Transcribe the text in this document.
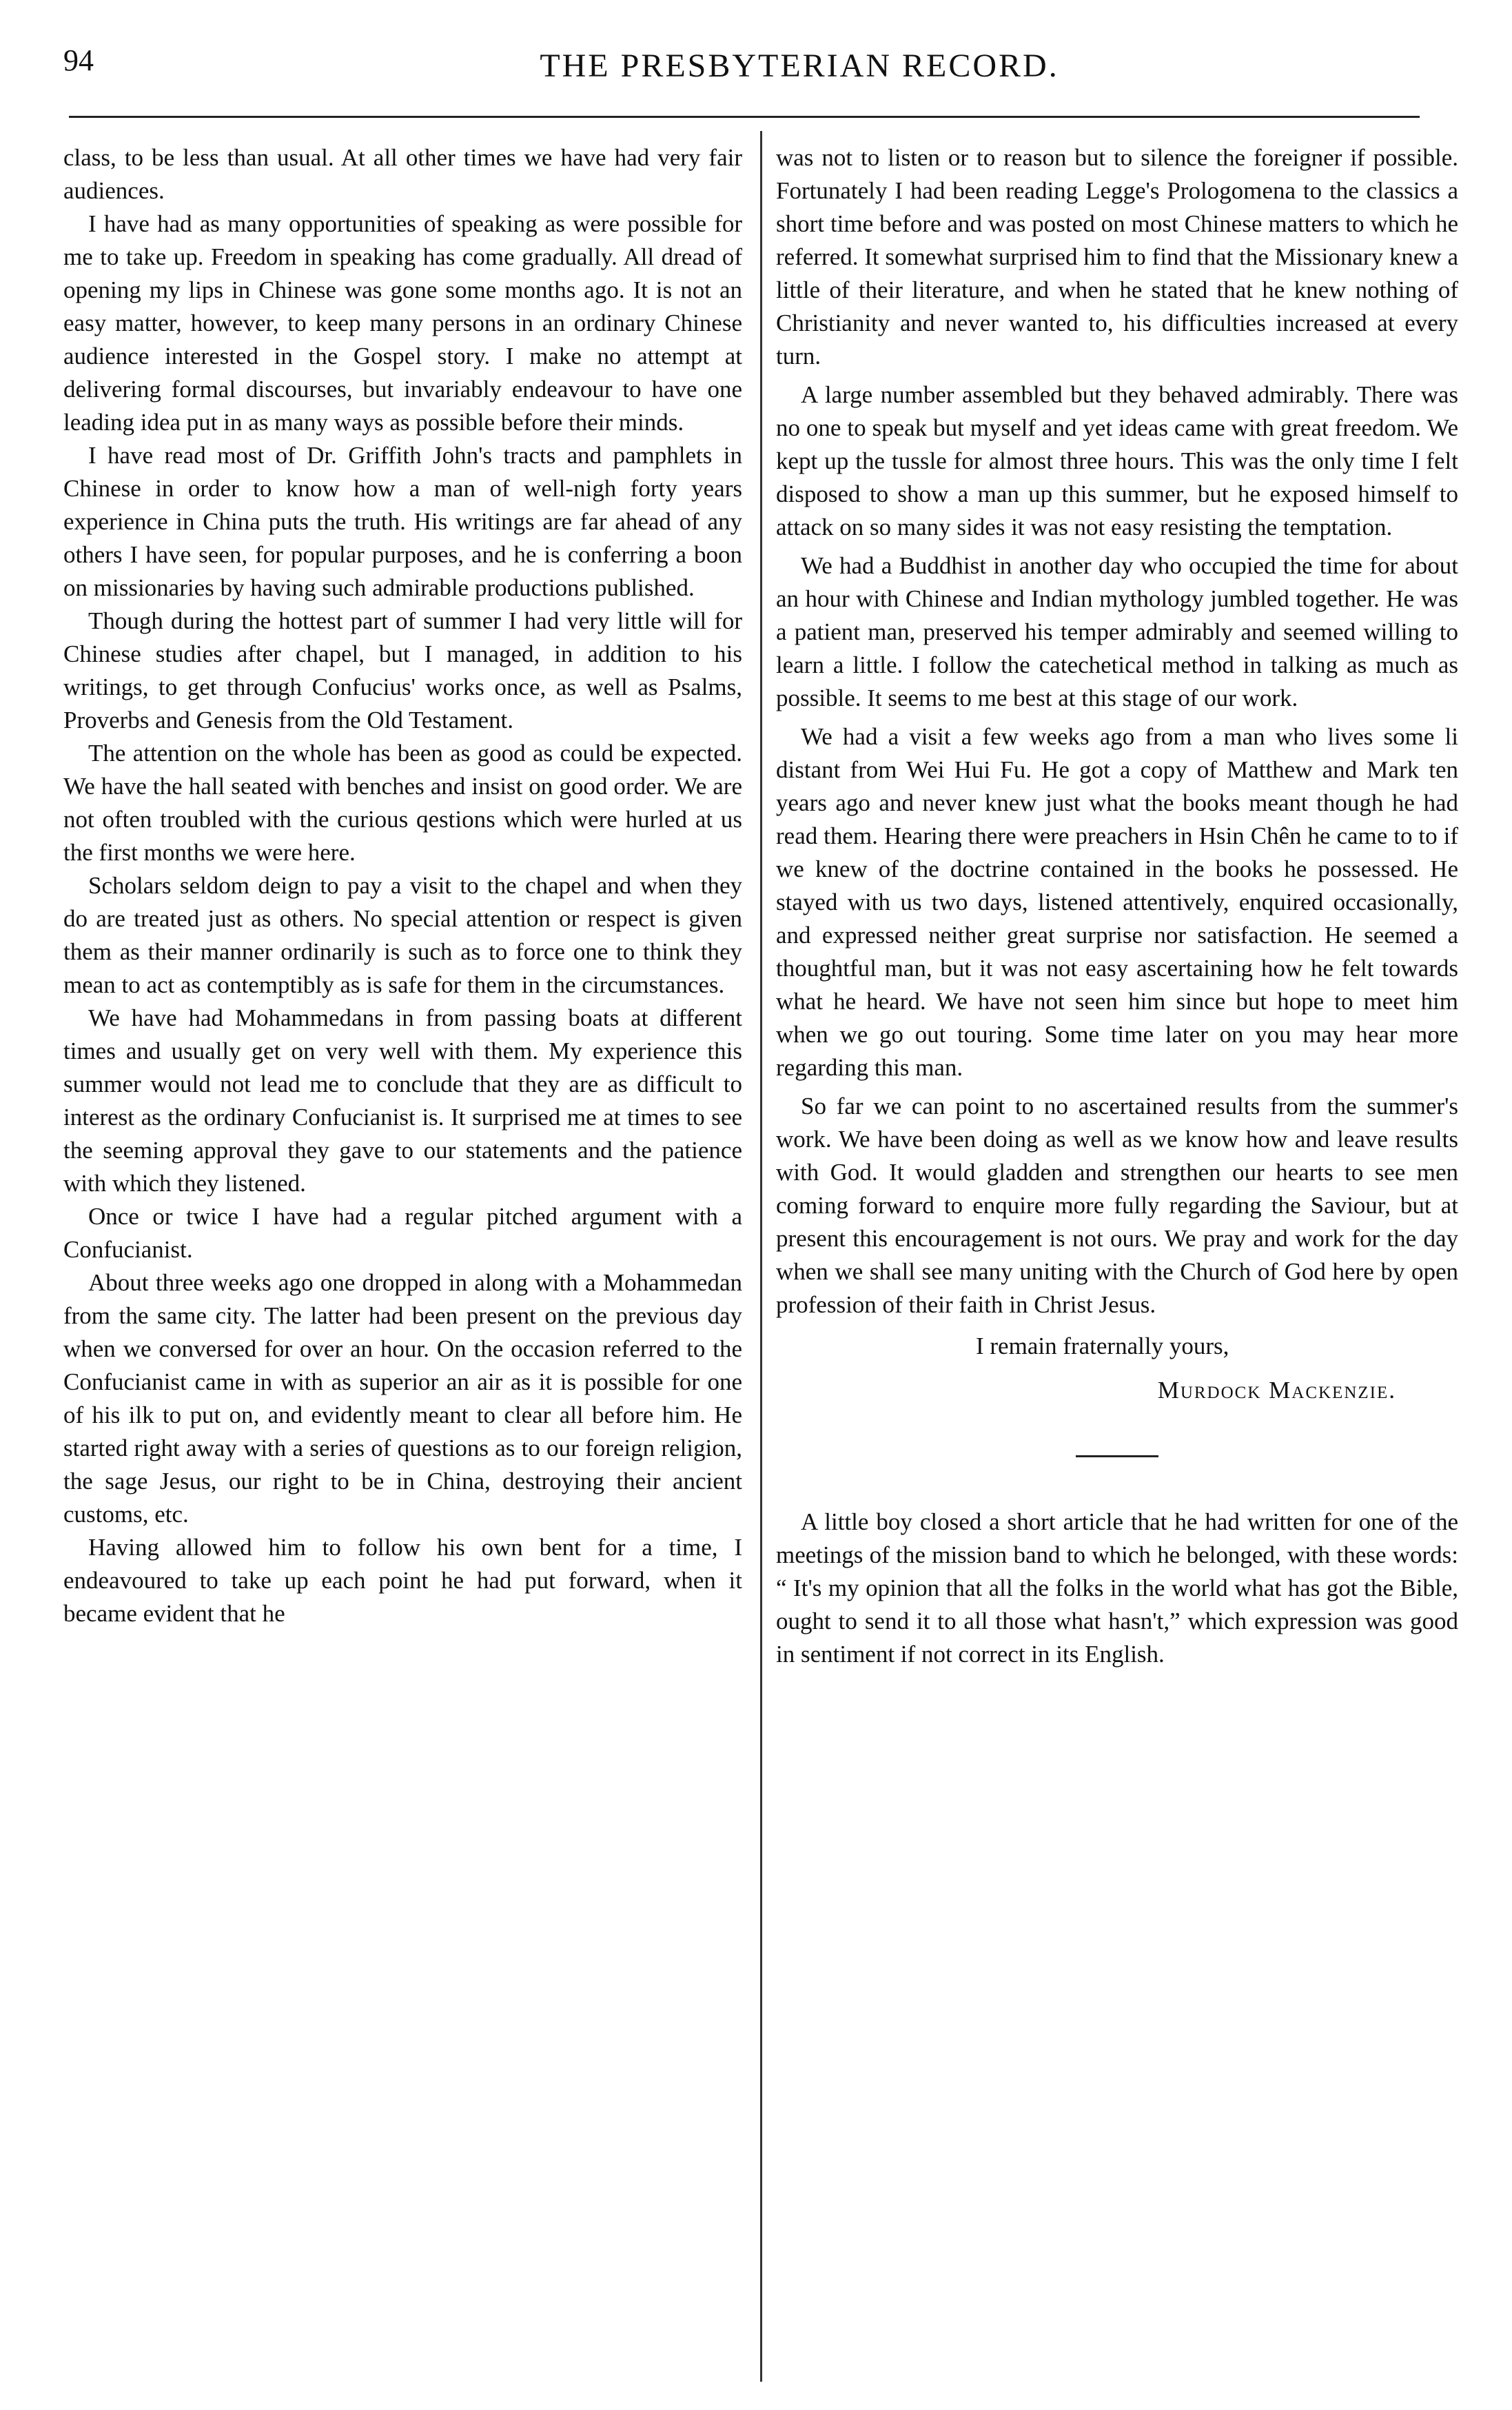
94	THE PRESBYTERIAN RECORD.

class, to be less than usual. At all other times we have had very fair audiences.

I have had as many opportunities of speaking as were possible for me to take up. Freedom in speaking has come gradually. All dread of opening my lips in Chinese was gone some months ago. It is not an easy matter, however, to keep many persons in an ordinary Chinese audience interested in the Gospel story. I make no attempt at delivering formal discourses, but invariably endeavour to have one leading idea put in as many ways as possible before their minds.

I have read most of Dr. Griffith John's tracts and pamphlets in Chinese in order to know how a man of well-nigh forty years experience in China puts the truth. His writings are far ahead of any others I have seen, for popular purposes, and he is conferring a boon on missionaries by having such admirable productions published.

Though during the hottest part of summer I had very little will for Chinese studies after chapel, but I managed, in addition to his writings, to get through Confucius' works once, as well as Psalms, Proverbs and Genesis from the Old Testament.

The attention on the whole has been as good as could be expected. We have the hall seated with benches and insist on good order. We are not often troubled with the curious qestions which were hurled at us the first months we were here.

Scholars seldom deign to pay a visit to the chapel and when they do are treated just as others. No special attention or respect is given them as their manner ordinarily is such as to force one to think they mean to act as contemptibly as is safe for them in the circumstances.

We have had Mohammedans in from passing boats at different times and usually get on very well with them. My experience this summer would not lead me to conclude that they are as difficult to interest as the ordinary Confucianist is. It surprised me at times to see the seeming approval they gave to our statements and the patience with which they listened.

Once or twice I have had a regular pitched argument with a Confucianist.

About three weeks ago one dropped in along with a Mohammedan from the same city. The latter had been present on the previous day when we conversed for over an hour. On the occasion referred to the Confucianist came in with as superior an air as it is possible for one of his ilk to put on, and evidently meant to clear all before him. He started right away with a series of questions as to our foreign religion, the sage Jesus, our right to be in China, destroying their ancient customs, etc.

Having allowed him to follow his own bent for a time, I endeavoured to take up each point he had put forward, when it became evident that he

was not to listen or to reason but to silence the foreigner if possible. Fortunately I had been reading Legge's Prologomena to the classics a short time before and was posted on most Chinese matters to which he referred. It somewhat surprised him to find that the Missionary knew a little of their literature, and when he stated that he knew nothing of Christianity and never wanted to, his difficulties increased at every turn.

A large number assembled but they behaved admirably. There was no one to speak but myself and yet ideas came with great freedom. We kept up the tussle for almost three hours. This was the only time I felt disposed to show a man up this summer, but he exposed himself to attack on so many sides it was not easy resisting the temptation.

We had a Buddhist in another day who occupied the time for about an hour with Chinese and Indian mythology jumbled together. He was a patient man, preserved his temper admirably and seemed willing to learn a little. I follow the catechetical method in talking as much as possible. It seems to me best at this stage of our work.

We had a visit a few weeks ago from a man who lives some li distant from Wei Hui Fu. He got a copy of Matthew and Mark ten years ago and never knew just what the books meant though he had read them. Hearing there were preachers in Hsin Chên he came to to if we knew of the doctrine contained in the books he possessed. He stayed with us two days, listened attentively, enquired occasionally, and expressed neither great surprise nor satisfaction. He seemed a thoughtful man, but it was not easy ascertaining how he felt towards what he heard. We have not seen him since but hope to meet him when we go out touring. Some time later on you may hear more regarding this man.

So far we can point to no ascertained results from the summer's work. We have been doing as well as we know how and leave results with God. It would gladden and strengthen our hearts to see men coming forward to enquire more fully regarding the Saviour, but at present this encouragement is not ours. We pray and work for the day when we shall see many uniting with the Church of God here by open profession of their faith in Christ Jesus.

I remain fraternally yours,

Murdock Mackenzie.

A little boy closed a short article that he had written for one of the meetings of the mission band to which he belonged, with these words: “ It's my opinion that all the folks in the world what has got the Bible, ought to send it to all those what hasn't,” which expression was good in sentiment if not correct in its English.
